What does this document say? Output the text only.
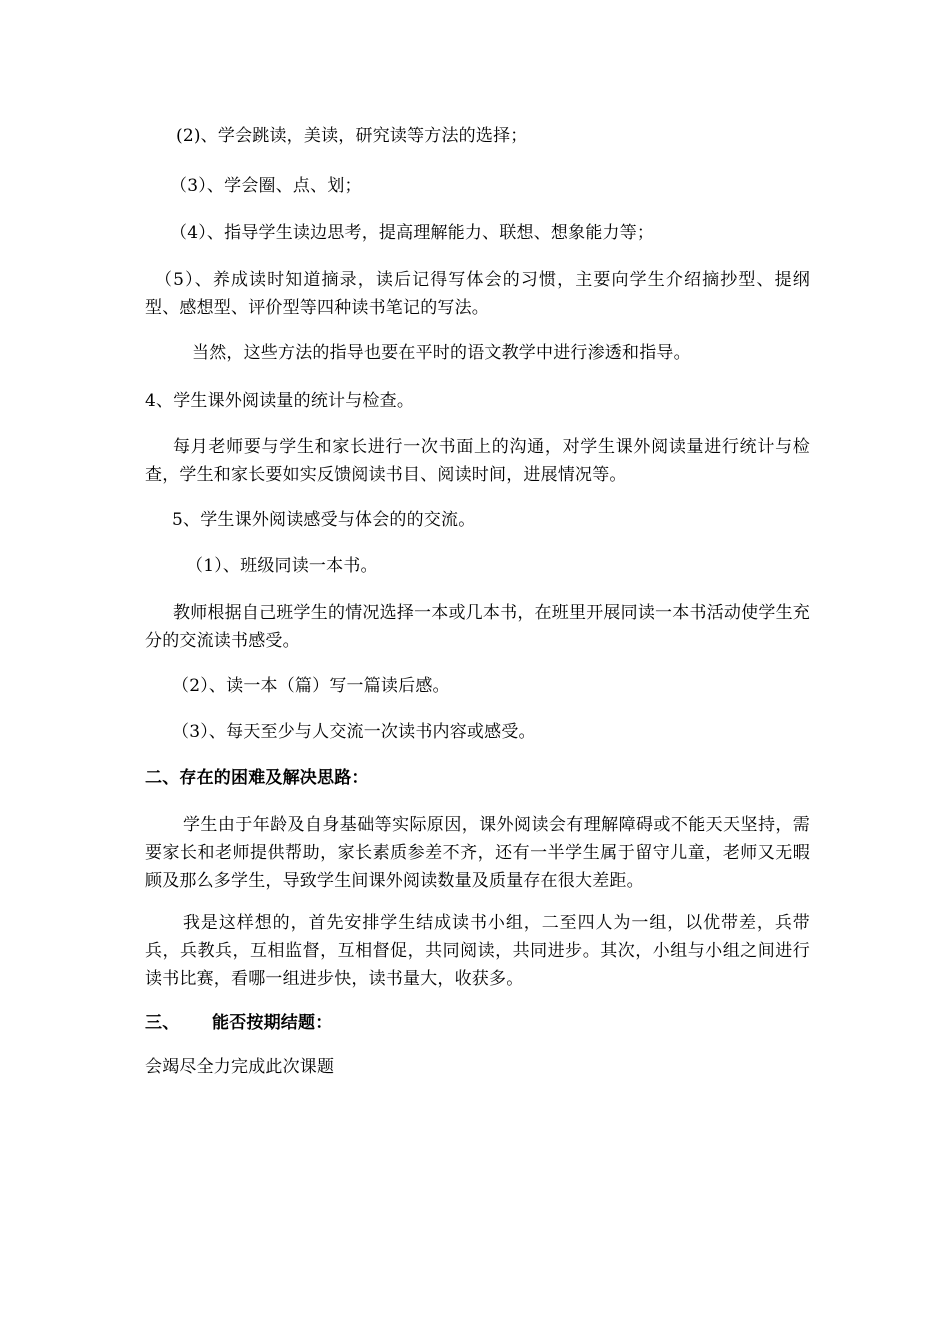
(2)、学会跳读，美读，研究读等方法的选择；
（3）、学会圈、点、划；
（4）、指导学生读边思考，提高理解能力、联想、想象能力等；
（5）、养成读时知道摘录，读后记得写体会的习惯，主要向学生介绍摘抄型、提纲型、感想型、评价型等四种读书笔记的写法。
当然，这些方法的指导也要在平时的语文教学中进行渗透和指导。
4、学生课外阅读量的统计与检查。
每月老师要与学生和家长进行一次书面上的沟通，对学生课外阅读量进行统计与检查，学生和家长要如实反馈阅读书目、阅读时间，进展情况等。
5、学生课外阅读感受与体会的的交流。
（1）、班级同读一本书。
教师根据自己班学生的情况选择一本或几本书，在班里开展同读一本书活动使学生充分的交流读书感受。
（2）、读一本（篇）写一篇读后感。
（3）、每天至少与人交流一次读书内容或感受。
二、存在的困难及解决思路：
学生由于年龄及自身基础等实际原因，课外阅读会有理解障碍或不能天天坚持，需要家长和老师提供帮助，家长素质参差不齐，还有一半学生属于留守儿童，老师又无暇顾及那么多学生，导致学生间课外阅读数量及质量存在很大差距。
我是这样想的，首先安排学生结成读书小组，二至四人为一组，以优带差，兵带兵，兵教兵，互相监督，互相督促，共同阅读，共同进步。其次，小组与小组之间进行读书比赛，看哪一组进步快，读书量大，收获多。
三、 能否按期结题：
会竭尽全力完成此次课题
